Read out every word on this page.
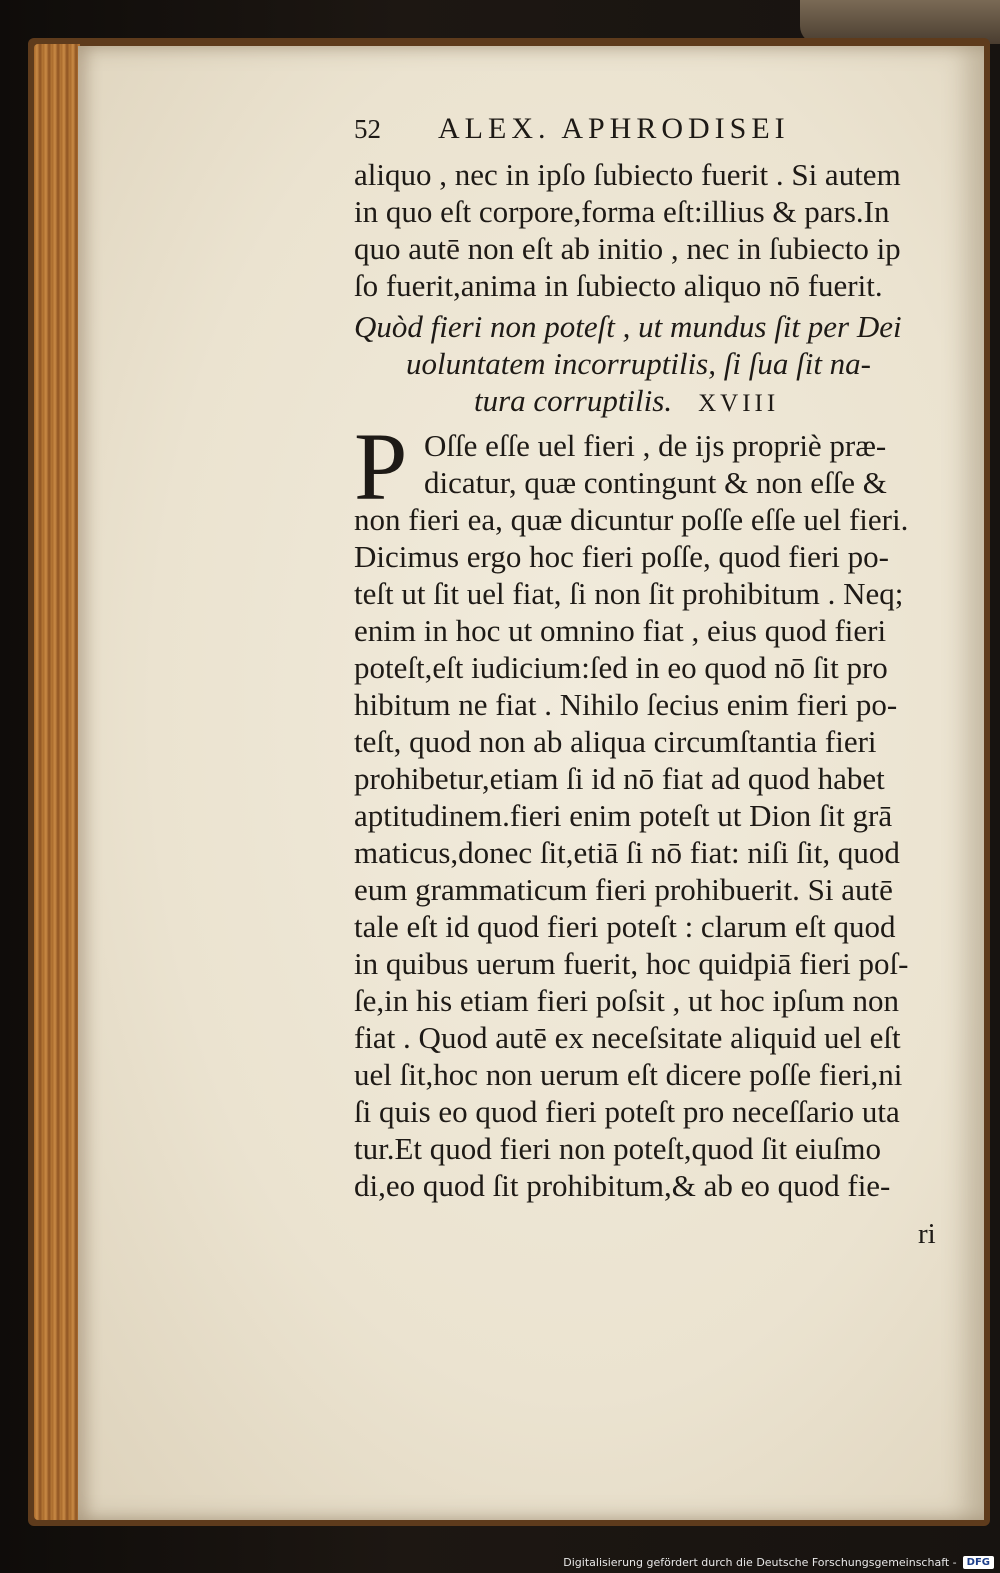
52	ALEX. APHRODISEI
aliquo , nec in ipſo ſubiecto fuerit . Si autem
in quo eſt corpore,forma eſt:illius & pars.In
quo autē non eſt ab initio , nec in ſubiecto ip
ſo fuerit,anima in ſubiecto aliquo nō fuerit.
Quòd fieri non poteſt , ut mundus ſit per Dei
uoluntatem incorruptilis, ſi ſua ſit na-
tura corruptilis. XVIII
P Oſſe eſſe uel fieri , de ijs propriè præ-
dicatur, quæ contingunt & non eſſe &
non fieri ea, quæ dicuntur poſſe eſſe uel fieri.
Dicimus ergo hoc fieri poſſe, quod fieri po-
teſt ut ſit uel fiat, ſi non ſit prohibitum . Neq;
enim in hoc ut omnino fiat , eius quod fieri
poteſt,eſt iudicium:ſed in eo quod nō ſit pro
hibitum ne fiat . Nihilo ſecius enim fieri po-
teſt, quod non ab aliqua circumſtantia fieri
prohibetur,etiam ſi id nō fiat ad quod habet
aptitudinem.fieri enim poteſt ut Dion ſit grā
maticus,donec ſit,etiā ſi nō fiat: niſi ſit, quod
eum grammaticum fieri prohibuerit. Si autē
tale eſt id quod fieri poteſt : clarum eſt quod
in quibus uerum fuerit, hoc quidpiā fieri poſ-
ſe,in his etiam fieri poſsit , ut hoc ipſum non
fiat . Quod autē ex neceſsitate aliquid uel eſt
uel ſit,hoc non uerum eſt dicere poſſe fieri,ni
ſi quis eo quod fieri poteſt pro neceſſario uta
tur.Et quod fieri non poteſt,quod ſit eiuſmo
di,eo quod ſit prohibitum,& ab eo quod fie-
ri
Digitalisierung gefördert durch die Deutsche Forschungsgemeinschaft -	DFG
